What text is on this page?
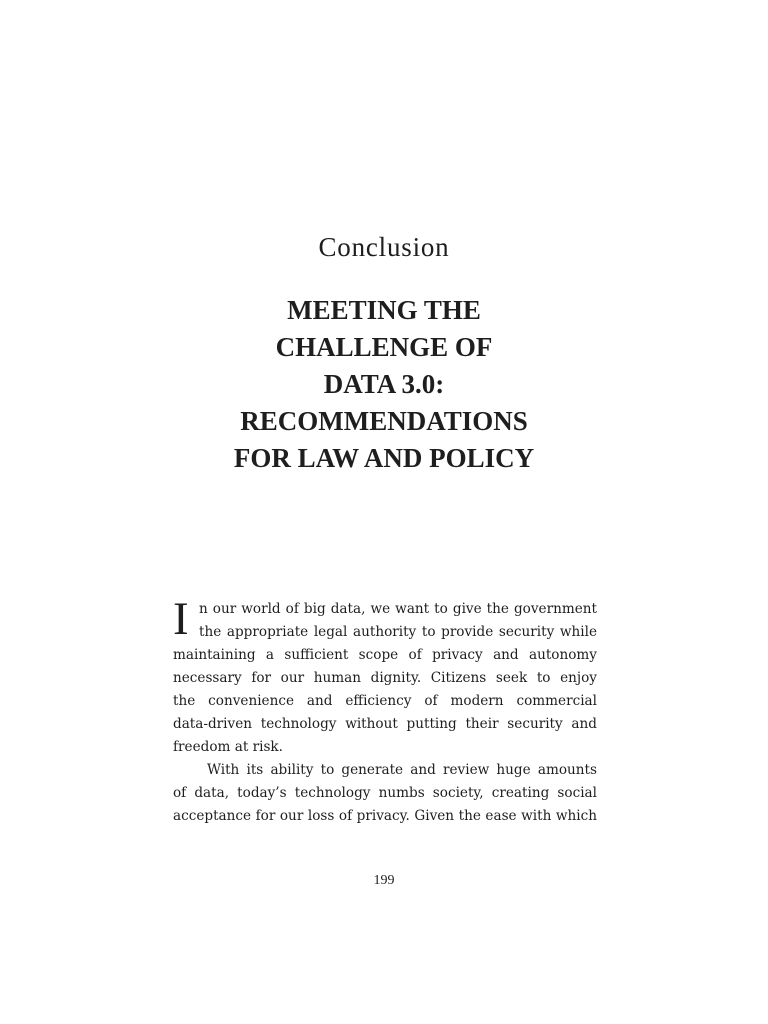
Conclusion
MEETING THE
CHALLENGE OF
DATA 3.0:
RECOMMENDATIONS
FOR LAW AND POLICY
I n our world of big data, we want to give the government
the appropriate legal authority to provide security while
maintaining a sufficient scope of privacy and autonomy
necessary for our human dignity. Citizens seek to enjoy
the convenience and efficiency of modern commercial
data-driven technology without putting their security and
freedom at risk.
With its ability to generate and review huge amounts
of data, today’s technology numbs society, creating social
acceptance for our loss of privacy. Given the ease with which
199
